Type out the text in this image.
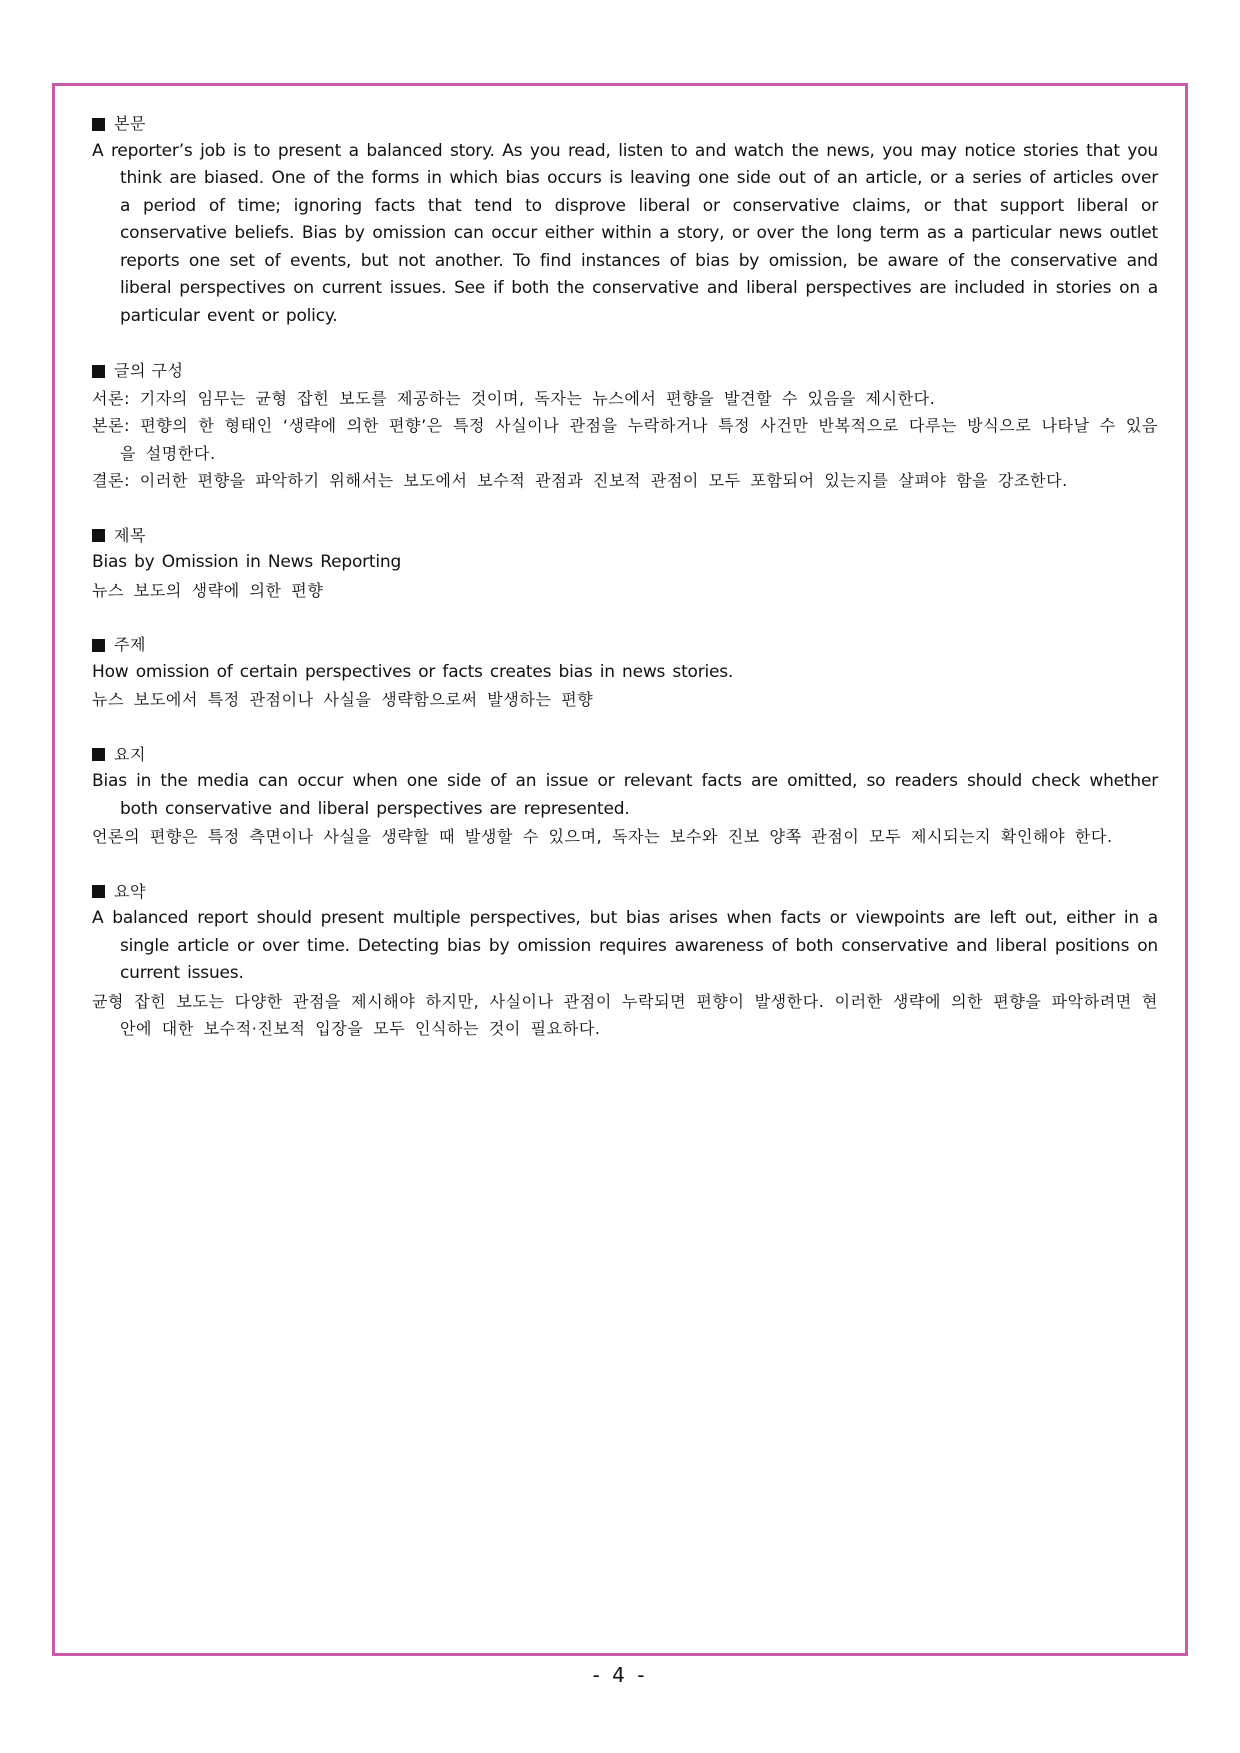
본문
A reporter’s job is to present a balanced story. As you read, listen to and watch the news, you may notice stories that you think are biased. One of the forms in which bias occurs is leaving one side out of an article, or a series of articles over a period of time; ignoring facts that tend to disprove liberal or conservative claims, or that support liberal or conservative beliefs. Bias by omission can occur either within a story, or over the long term as a particular news outlet reports one set of events, but not another. To find instances of bias by omission, be aware of the conservative and liberal perspectives on current issues. See if both the conservative and liberal perspectives are included in stories on a particular event or policy.
글의 구성
서론: 기자의 임무는 균형 잡힌 보도를 제공하는 것이며, 독자는 뉴스에서 편향을 발견할 수 있음을 제시한다.
본론: 편향의 한 형태인 ‘생략에 의한 편향’은 특정 사실이나 관점을 누락하거나 특정 사건만 반복적으로 다루는 방식으로 나타날 수 있음을 설명한다.
결론: 이러한 편향을 파악하기 위해서는 보도에서 보수적 관점과 진보적 관점이 모두 포함되어 있는지를 살펴야 함을 강조한다.
제목
Bias by Omission in News Reporting
뉴스 보도의 생략에 의한 편향
주제
How omission of certain perspectives or facts creates bias in news stories.
뉴스 보도에서 특정 관점이나 사실을 생략함으로써 발생하는 편향
요지
Bias in the media can occur when one side of an issue or relevant facts are omitted, so readers should check whether both conservative and liberal perspectives are represented.
언론의 편향은 특정 측면이나 사실을 생략할 때 발생할 수 있으며, 독자는 보수와 진보 양쪽 관점이 모두 제시되는지 확인해야 한다.
요약
A balanced report should present multiple perspectives, but bias arises when facts or viewpoints are left out, either in a single article or over time. Detecting bias by omission requires awareness of both conservative and liberal positions on current issues.
균형 잡힌 보도는 다양한 관점을 제시해야 하지만, 사실이나 관점이 누락되면 편향이 발생한다. 이러한 생략에 의한 편향을 파악하려면 현안에 대한 보수적·진보적 입장을 모두 인식하는 것이 필요하다.
- 4 -
